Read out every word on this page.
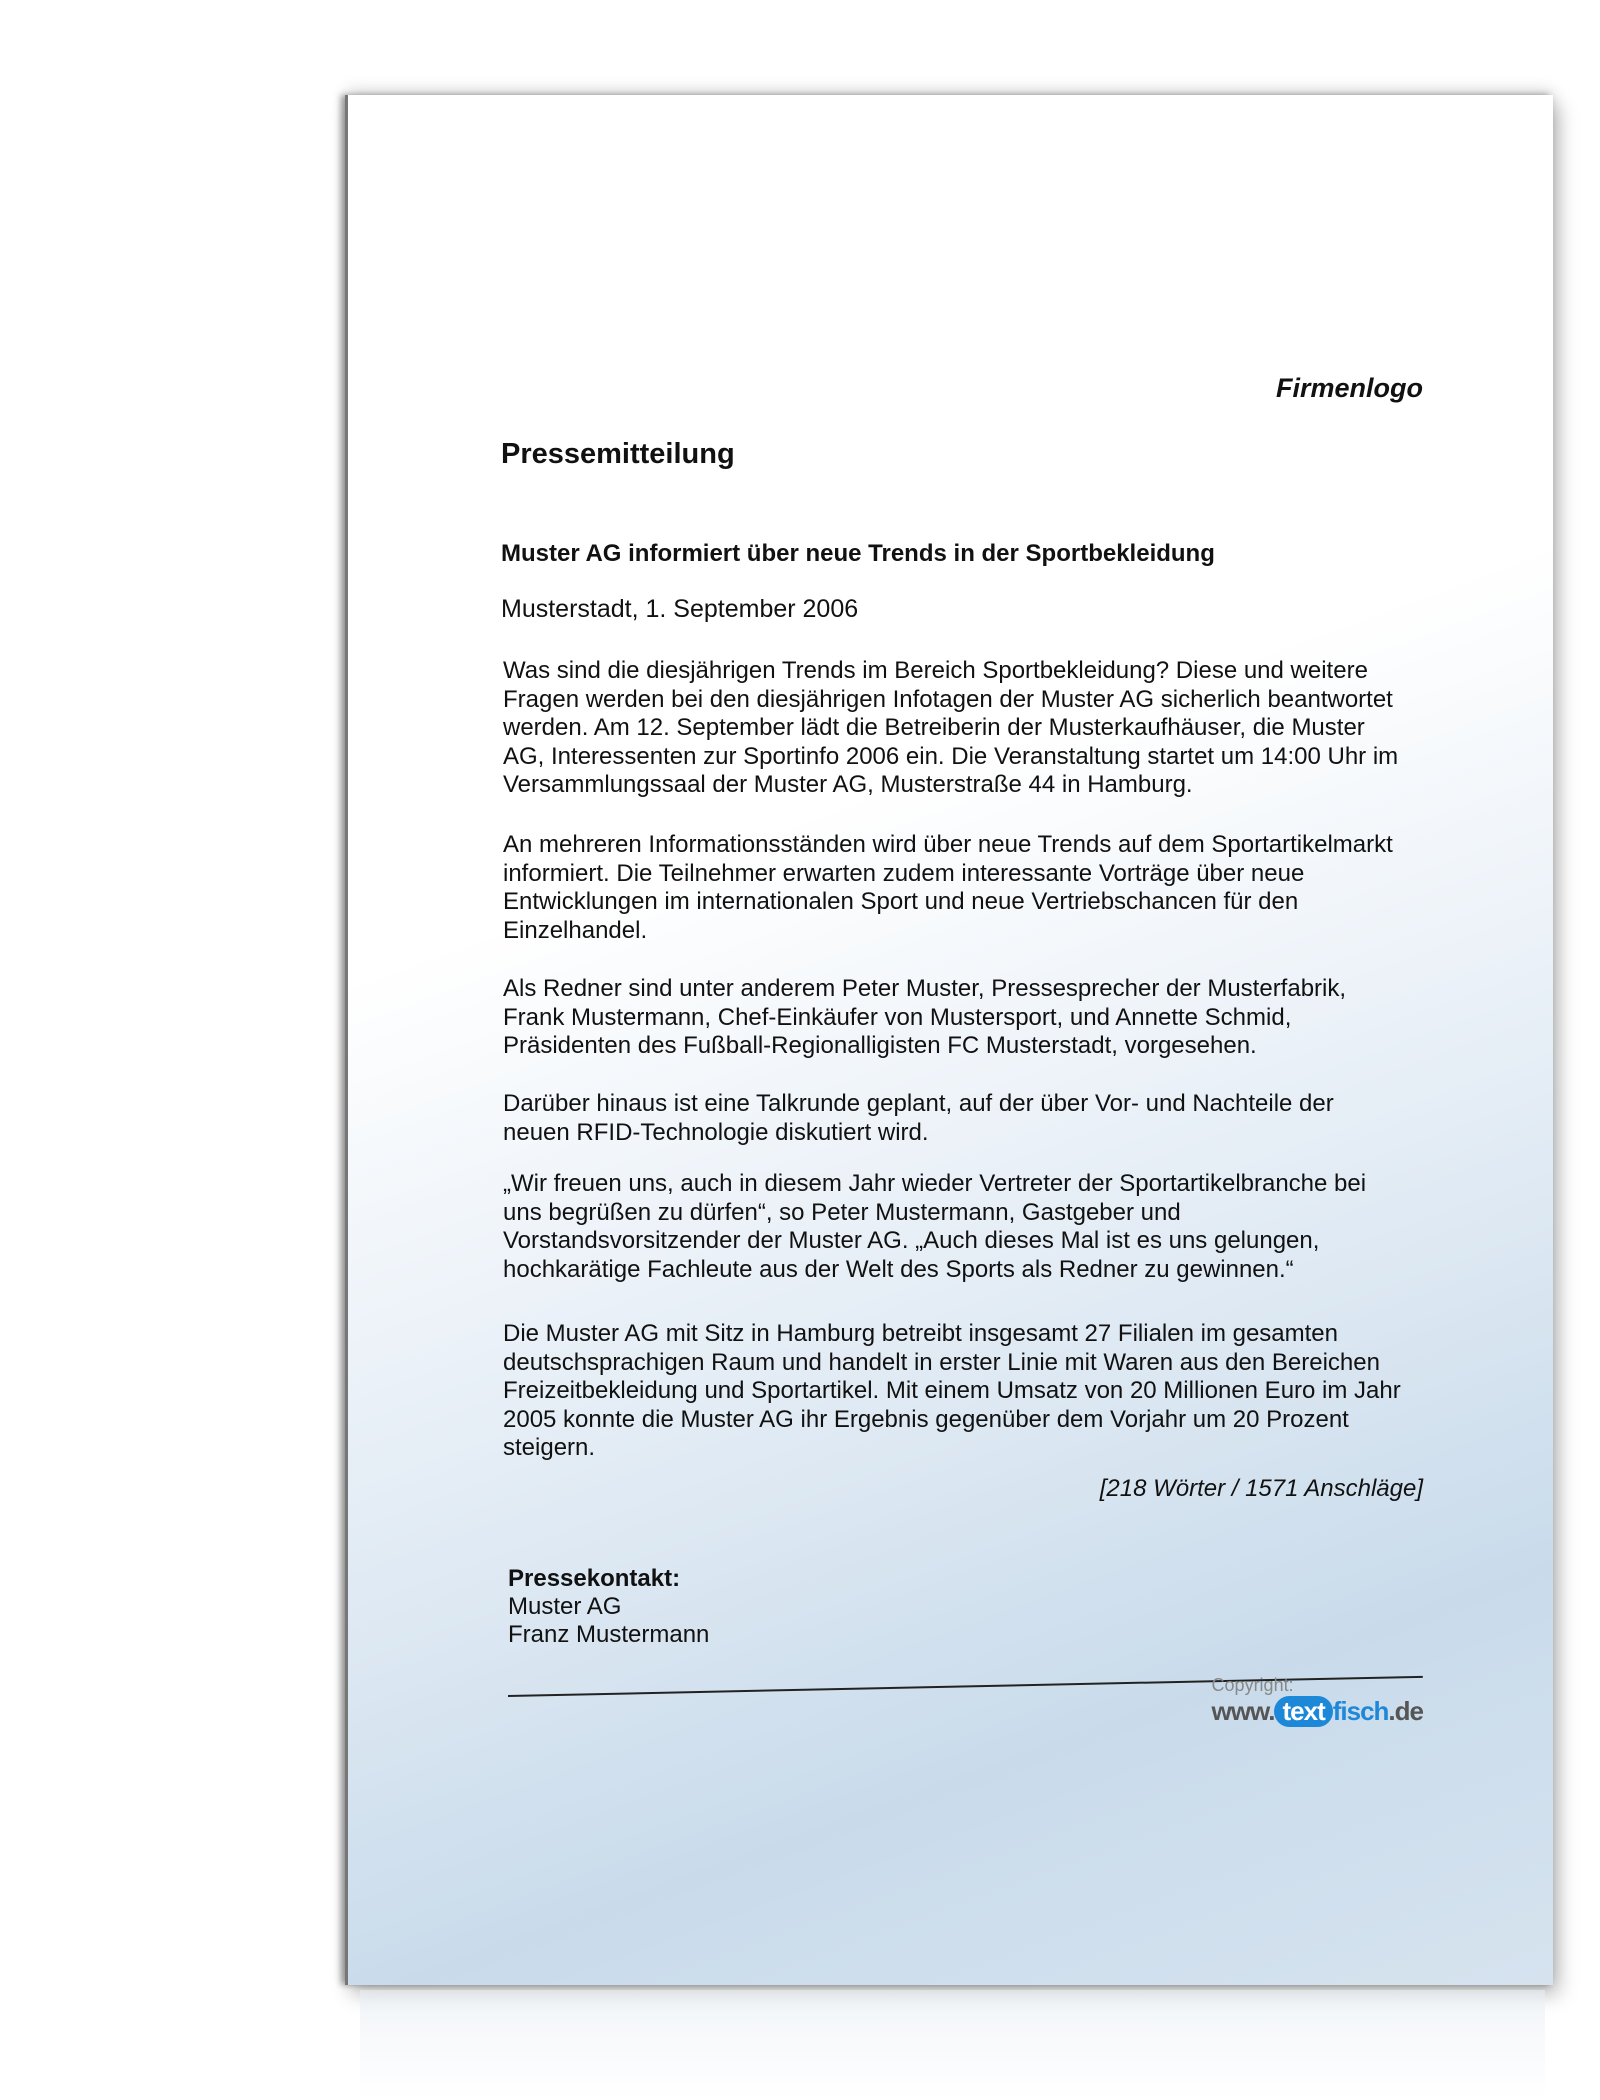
Firmenlogo
Pressemitteilung
Muster AG informiert über neue Trends in der Sportbekleidung
Musterstadt, 1. September 2006
Was sind die diesjährigen Trends im Bereich Sportbekleidung? Diese und weitere Fragen werden bei den diesjährigen Infotagen der Muster AG sicherlich beantwortet werden. Am 12. September lädt die Betreiberin der Musterkaufhäuser, die Muster AG, Interessenten zur Sportinfo 2006 ein. Die Veranstaltung startet um 14:00 Uhr im Versammlungssaal der Muster AG, Musterstraße 44 in Hamburg.
An mehreren Informationsständen wird über neue Trends auf dem Sportartikelmarkt informiert. Die Teilnehmer erwarten zudem interessante Vorträge über neue Entwicklungen im internationalen Sport und neue Vertriebschancen für den Einzelhandel.
Als Redner sind unter anderem Peter Muster, Pressesprecher der Musterfabrik, Frank Mustermann, Chef-Einkäufer von Mustersport, und Annette Schmid, Präsidenten des Fußball-Regionalligisten FC Musterstadt, vorgesehen.
Darüber hinaus ist eine Talkrunde geplant, auf der über Vor- und Nachteile der neuen RFID-Technologie diskutiert wird.
„Wir freuen uns, auch in diesem Jahr wieder Vertreter der Sportartikelbranche bei uns begrüßen zu dürfen“, so Peter Mustermann, Gastgeber und Vorstandsvorsitzender der Muster AG. „Auch dieses Mal ist es uns gelungen, hochkarätige Fachleute aus der Welt des Sports als Redner zu gewinnen.“
Die Muster AG mit Sitz in Hamburg betreibt insgesamt 27 Filialen im gesamten deutschsprachigen Raum und handelt in erster Linie mit Waren aus den Bereichen Freizeitbekleidung und Sportartikel. Mit einem Umsatz von 20 Millionen Euro im Jahr 2005 konnte die Muster AG ihr Ergebnis gegenüber dem Vorjahr um 20 Prozent steigern.
[218 Wörter / 1571 Anschläge]
Pressekontakt:
Muster AG
Franz Mustermann
Copyright:
www. text fisch.de
